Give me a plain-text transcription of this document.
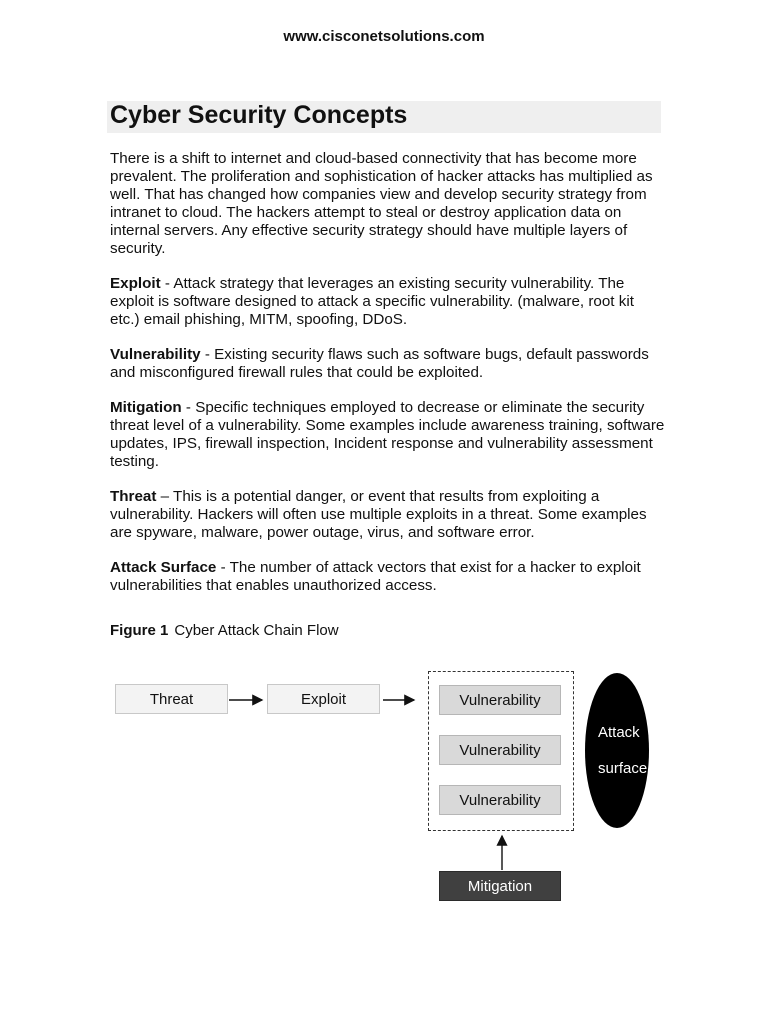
www.cisconetsolutions.com
Cyber Security Concepts

There is a shift to internet and cloud-based connectivity that has become more prevalent. The proliferation and sophistication of hacker attacks has multiplied as well. That has changed how companies view and develop security strategy from intranet to cloud. The hackers attempt to steal or destroy application data on internal servers. Any effective security strategy should have multiple layers of security.

Exploit - Attack strategy that leverages an existing security vulnerability. The exploit is software designed to attack a specific vulnerability. (malware, root kit etc.) email phishing, MITM, spoofing, DDoS.

Vulnerability - Existing security flaws such as software bugs, default passwords and misconfigured firewall rules that could be exploited.

Mitigation - Specific techniques employed to decrease or eliminate the security threat level of a vulnerability. Some examples include awareness training, software updates, IPS, firewall inspection, Incident response and vulnerability assessment testing.

Threat – This is a potential danger, or event that results from exploiting a vulnerability. Hackers will often use multiple exploits in a threat. Some examples are spyware, malware, power outage, virus, and software error.

Attack Surface - The number of attack vectors that exist for a hacker to exploit vulnerabilities that enables unauthorized access.

Figure 1 Cyber Attack Chain Flow
Threat	Exploit	Vulnerability
Vulnerability
Vulnerability
Attack

surface
Mitigation
